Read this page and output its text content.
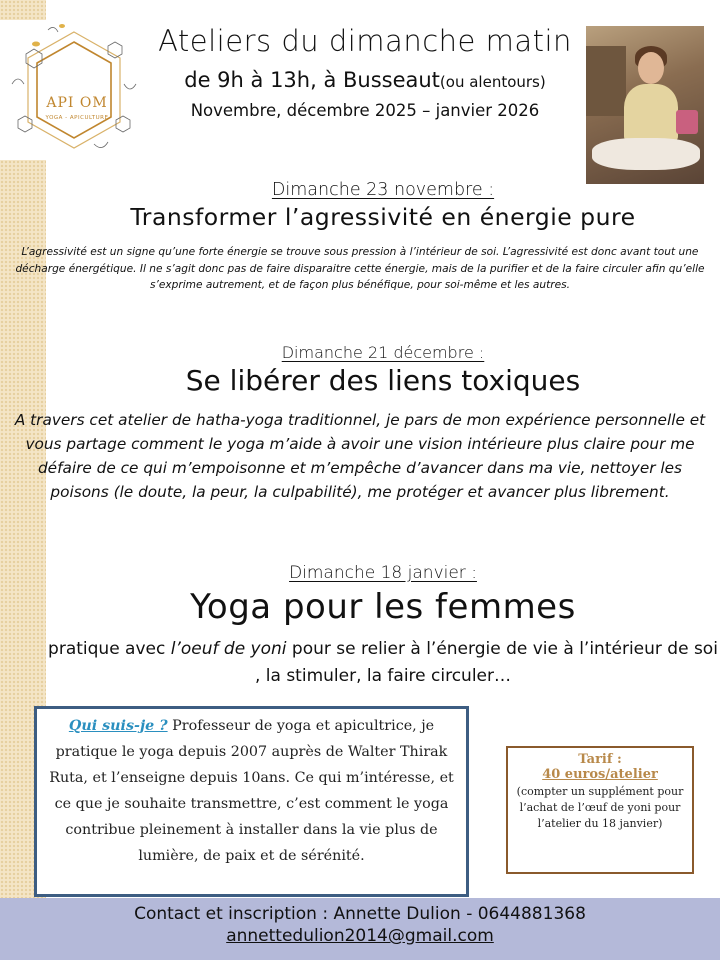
API OM
YOGA - APICULTURE
Ateliers du dimanche matin
de 9h à 13h, à Busseaut(ou alentours)
Novembre, décembre 2025 – janvier 2026
Dimanche 23 novembre :
Transformer l’agressivité en énergie pure
L’agressivité est un signe qu’une forte énergie se trouve sous pression à l’intérieur de soi. L’agressivité est donc avant tout une décharge énergétique. Il ne s’agit donc pas de faire disparaitre cette énergie, mais de la purifier et de la faire circuler afin qu’elle s’exprime autrement, et de façon plus bénéfique, pour soi-même et les autres.
Dimanche 21 décembre :
Se libérer des liens toxiques
A travers cet atelier de hatha-yoga traditionnel, je pars de mon expérience personnelle et vous partage comment le yoga m’aide à avoir une vision intérieure plus claire pour me défaire de ce qui m’empoisonne et m’empêche d’avancer dans ma vie, nettoyer les poisons (le doute, la peur, la culpabilité), me protéger et avancer plus librement.
Dimanche 18 janvier :
Yoga pour les femmes
pratique avec l’oeuf de yoni pour se relier à l’énergie de vie à l’intérieur de soi , la stimuler, la faire circuler…
Qui suis-je ? Professeur de yoga et apicultrice, je pratique le yoga depuis 2007 auprès de Walter Thirak Ruta, et l’enseigne depuis 10ans. Ce qui m’intéresse, et ce que je souhaite transmettre, c’est comment le yoga contribue pleinement à installer dans la vie plus de lumière, de paix et de sérénité.
Tarif :
40 euros/atelier
(compter un supplément pour l’achat de l’œuf de yoni pour l’atelier du 18 janvier)
Contact et inscription : Annette Dulion - 0644881368
annettedulion2014@gmail.com
